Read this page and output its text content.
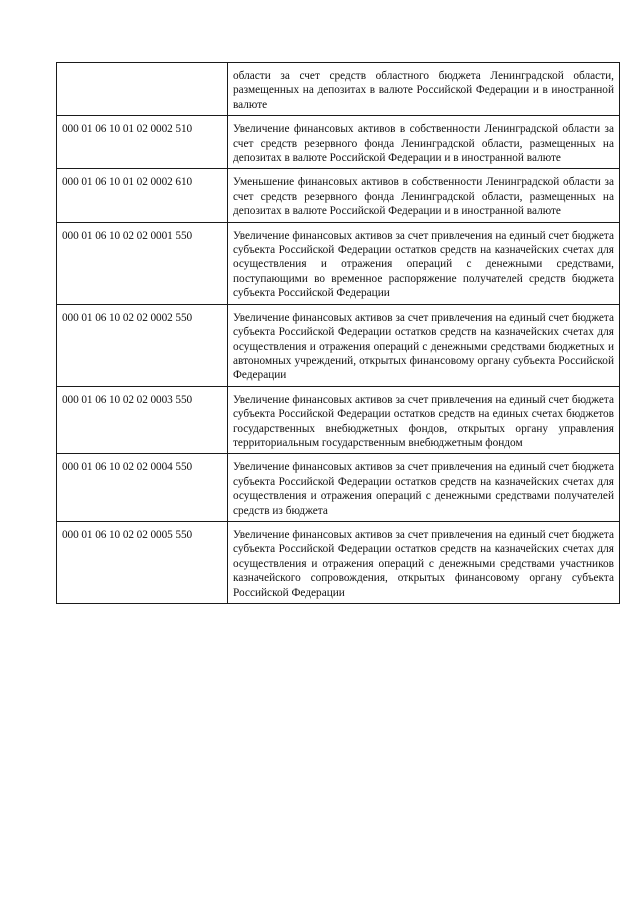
	области за счет средств областного бюджета Ленинградской области, размещенных на депозитах в валюте Российской Федерации и в иностранной валюте
000 01 06 10 01 02 0002 510	Увеличение финансовых активов в собственности Ленинградской области за счет средств резервного фонда Ленинградской области, размещенных на депозитах в валюте Российской Федерации и в иностранной валюте
000 01 06 10 01 02 0002 610	Уменьшение финансовых активов в собственности Ленинградской области за счет средств резервного фонда Ленинградской области, размещенных на депозитах в валюте Российской Федерации и в иностранной валюте
000 01 06 10 02 02 0001 550	Увеличение финансовых активов за счет привлечения на единый счет бюджета субъекта Российской Федерации остатков средств на казначейских счетах для осуществления и отражения операций с денежными средствами, поступающими во временное распоряжение получателей средств бюджета субъекта Российской Федерации
000 01 06 10 02 02 0002 550	Увеличение финансовых активов за счет привлечения на единый счет бюджета субъекта Российской Федерации остатков средств на казначейских счетах для осуществления и отражения операций с денежными средствами бюджетных и автономных учреждений, открытых финансовому органу субъекта Российской Федерации
000 01 06 10 02 02 0003 550	Увеличение финансовых активов за счет привлечения на единый счет бюджета субъекта Российской Федерации остатков средств на единых счетах бюджетов государственных внебюджетных фондов, открытых органу управления территориальным государственным внебюджетным фондом
000 01 06 10 02 02 0004 550	Увеличение финансовых активов за счет привлечения на единый счет бюджета субъекта Российской Федерации остатков средств на казначейских счетах для осуществления и отражения операций с денежными средствами получателей средств из бюджета
000 01 06 10 02 02 0005 550	Увеличение финансовых активов за счет привлечения на единый счет бюджета субъекта Российской Федерации остатков средств на казначейских счетах для осуществления и отражения операций с денежными средствами участников казначейского сопровождения, открытых финансовому органу субъекта Российской Федерации
